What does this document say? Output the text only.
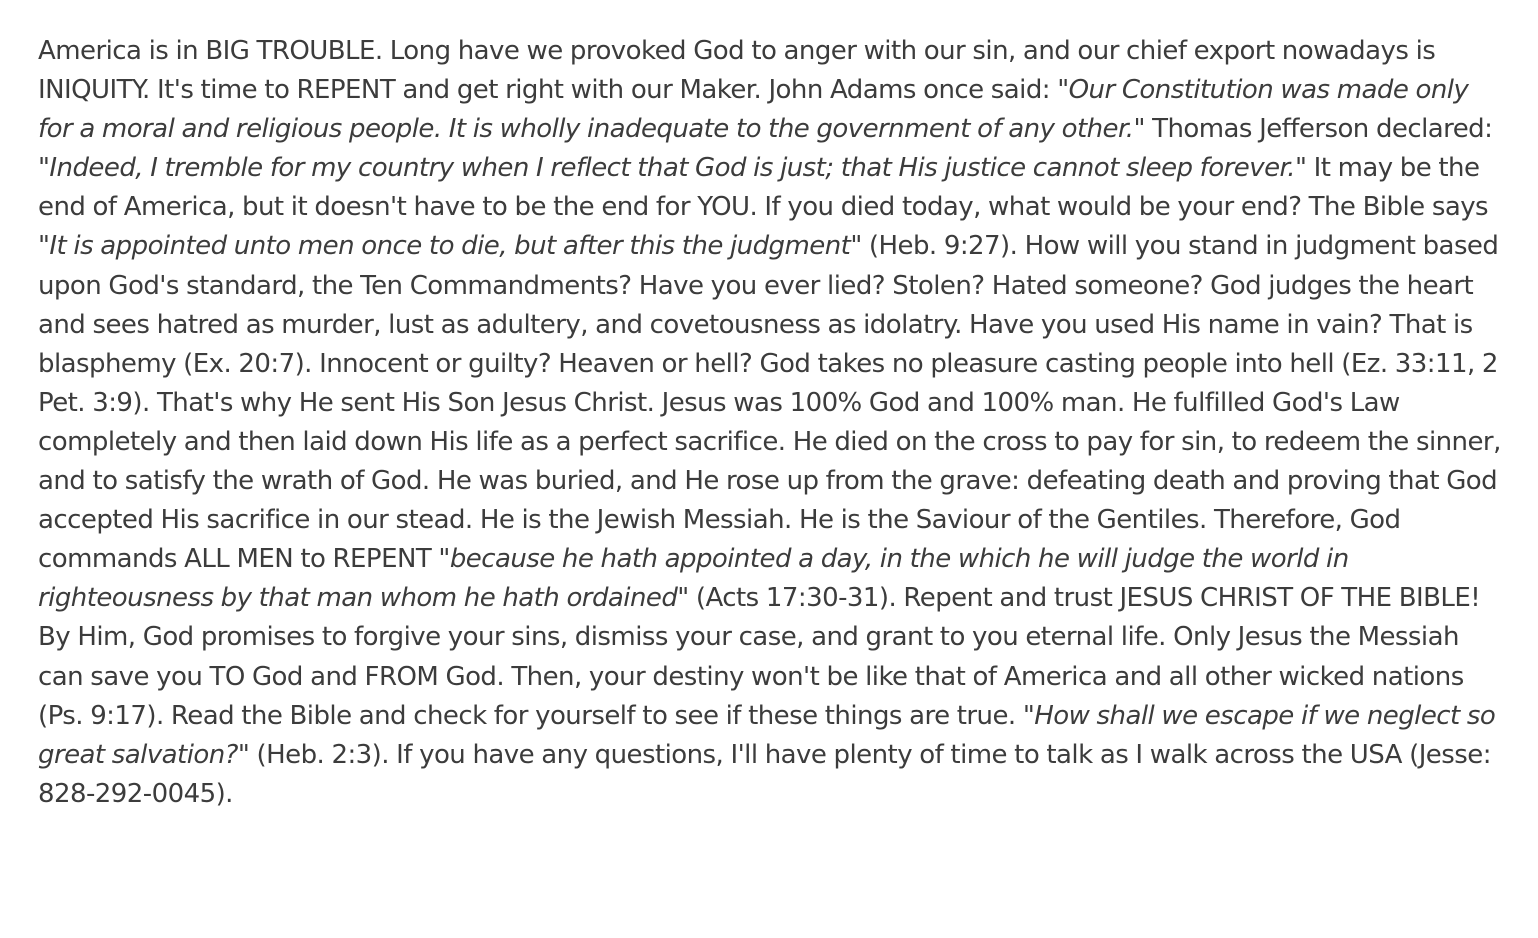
America is in BIG TROUBLE. Long have we provoked God to anger with our sin, and our chief export nowadays is INIQUITY. It's time to REPENT and get right with our Maker. John Adams once said: "Our Constitution was made only for a moral and religious people. It is wholly inadequate to the government of any other." Thomas Jefferson declared: "Indeed, I tremble for my country when I reflect that God is just; that His justice cannot sleep forever." It may be the end of America, but it doesn't have to be the end for YOU. If you died today, what would be your end? The Bible says "It is appointed unto men once to die, but after this the judgment" (Heb. 9:27). How will you stand in judgment based upon God's standard, the Ten Commandments? Have you ever lied? Stolen? Hated someone? God judges the heart and sees hatred as murder, lust as adultery, and covetousness as idolatry. Have you used His name in vain? That is blasphemy (Ex. 20:7). Innocent or guilty? Heaven or hell? God takes no pleasure casting people into hell (Ez. 33:11, 2 Pet. 3:9). That's why He sent His Son Jesus Christ. Jesus was 100% God and 100% man. He fulfilled God's Law completely and then laid down His life as a perfect sacrifice. He died on the cross to pay for sin, to redeem the sinner, and to satisfy the wrath of God. He was buried, and He rose up from the grave: defeating death and proving that God accepted His sacrifice in our stead. He is the Jewish Messiah. He is the Saviour of the Gentiles. Therefore, God commands ALL MEN to REPENT "because he hath appointed a day, in the which he will judge the world in righteousness by that man whom he hath ordained" (Acts 17:30-31). Repent and trust JESUS CHRIST OF THE BIBLE! By Him, God promises to forgive your sins, dismiss your case, and grant to you eternal life. Only Jesus the Messiah can save you TO God and FROM God. Then, your destiny won't be like that of America and all other wicked nations (Ps. 9:17). Read the Bible and check for yourself to see if these things are true. "How shall we escape if we neglect so great salvation?" (Heb. 2:3). If you have any questions, I'll have plenty of time to talk as I walk across the USA (Jesse: 828-292-0045).
